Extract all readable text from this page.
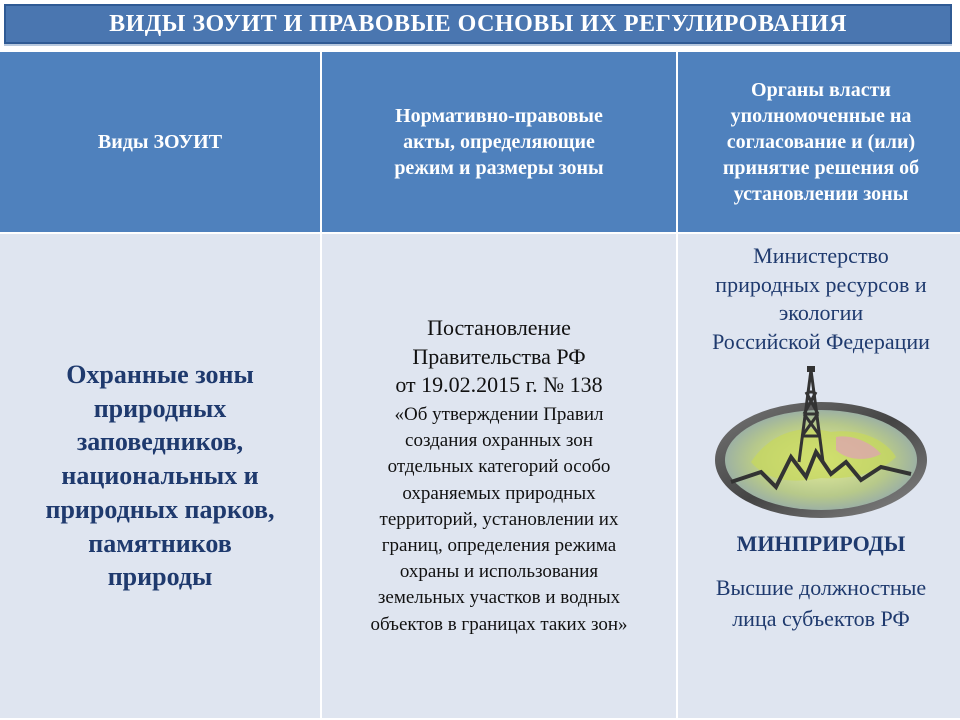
ВИДЫ ЗОУИТ И ПРАВОВЫЕ ОСНОВЫ ИХ РЕГУЛИРОВАНИЯ
Виды ЗОУИТ
Нормативно-правовые
акты, определяющие
режим и размеры зоны
Органы власти
уполномоченные на
согласование и (или)
принятие решения об
установлении зоны
Охранные зоны
природных
заповедников,
национальных и
природных парков,
памятников
природы
Постановление
Правительства РФ
от 19.02.2015 г. № 138
«Об утверждении Правил
создания охранных зон
отдельных категорий особо
охраняемых природных
территорий, установлении их
границ, определения режима
охраны и использования
земельных участков и водных
объектов в границах таких зон»
Министерство
природных ресурсов и
экологии
Российской Федерации
МИНПРИРОДЫ
Высшие должностные
лица субъектов РФ
